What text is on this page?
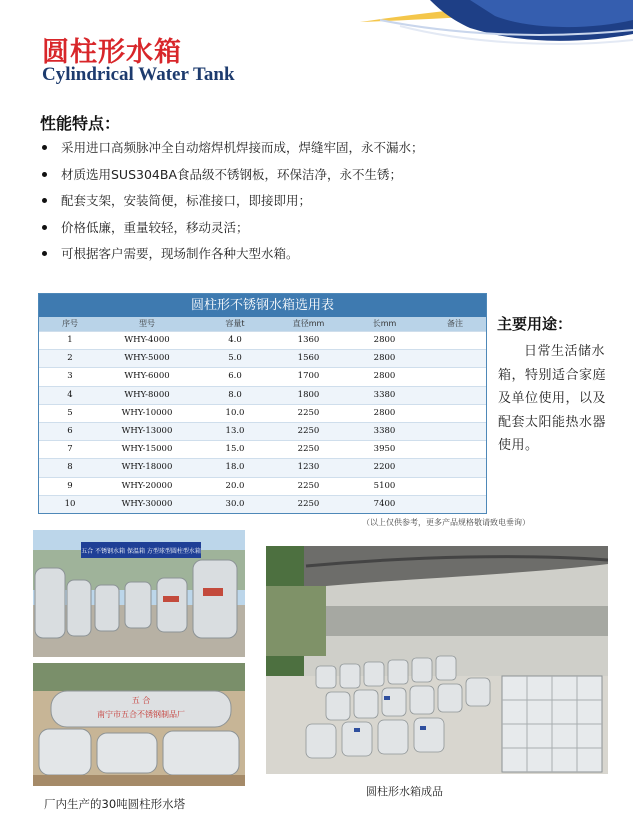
圆柱形水箱
Cylindrical Water Tank
性能特点：
采用进口高频脉冲全自动熔焊机焊接而成，焊缝牢固，永不漏水；
材质选用SUS304BA食品级不锈钢板，环保洁净，永不生锈；
配套支架，安装简便，标准接口，即接即用；
价格低廉，重量较轻，移动灵活；
可根据客户需要，现场制作各种大型水箱。
圆柱形不锈钢水箱选用表
序号	型号	容量t	直径mm	长mm	备注
1	WHY-4000	4.0	1360	2800
2	WHY-5000	5.0	1560	2800
3	WHY-6000	6.0	1700	2800
4	WHY-8000	8.0	1800	3380
5	WHY-10000	10.0	2250	2800
6	WHY-13000	13.0	2250	3380
7	WHY-15000	15.0	2250	3950
8	WHY-18000	18.0	1230	2200
9	WHY-20000	20.0	2250	5100
10	WHY-30000	30.0	2250	7400
主要用途：
日常生活储水箱，特别适合家庭及单位使用，以及配套太阳能热水器使用。
（以上仅供参考，更多产品规格敬请致电垂询）
五合 不锈钢水箱 保温箱 方型球型圆柱型水箱
五 合
南宁市五合不锈钢制品厂
厂内生产的30吨圆柱形水塔
圆柱形水箱成品
